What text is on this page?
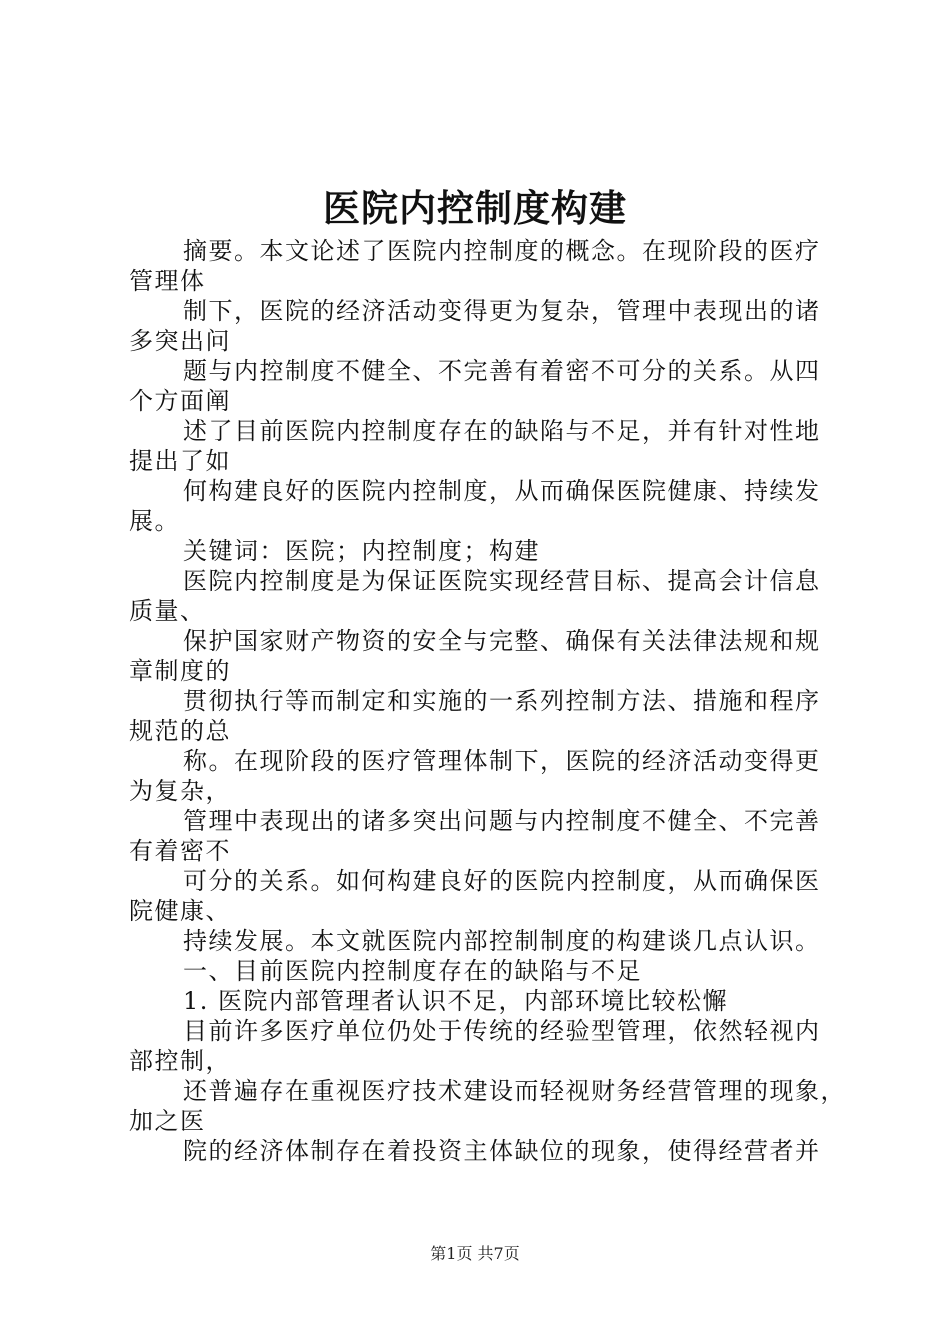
医院内控制度构建
摘要。本文论述了医院内控制度的概念。在现阶段的医疗
管理体
制下，医院的经济活动变得更为复杂，管理中表现出的诸
多突出问
题与内控制度不健全、不完善有着密不可分的关系。从四
个方面阐
述了目前医院内控制度存在的缺陷与不足，并有针对性地
提出了如
何构建良好的医院内控制度，从而确保医院健康、持续发
展。
关键词：医院；内控制度；构建
医院内控制度是为保证医院实现经营目标、提高会计信息
质量、
保护国家财产物资的安全与完整、确保有关法律法规和规
章制度的
贯彻执行等而制定和实施的一系列控制方法、措施和程序
规范的总
称。在现阶段的医疗管理体制下，医院的经济活动变得更
为复杂，
管理中表现出的诸多突出问题与内控制度不健全、不完善
有着密不
可分的关系。如何构建良好的医院内控制度，从而确保医
院健康、
持续发展。本文就医院内部控制制度的构建谈几点认识。
一、目前医院内控制度存在的缺陷与不足
1. 医院内部管理者认识不足，内部环境比较松懈
目前许多医疗单位仍处于传统的经验型管理，依然轻视内
部控制，
还普遍存在重视医疗技术建设而轻视财务经营管理的现象，
加之医
院的经济体制存在着投资主体缺位的现象，使得经营者并
第1页 共7页
